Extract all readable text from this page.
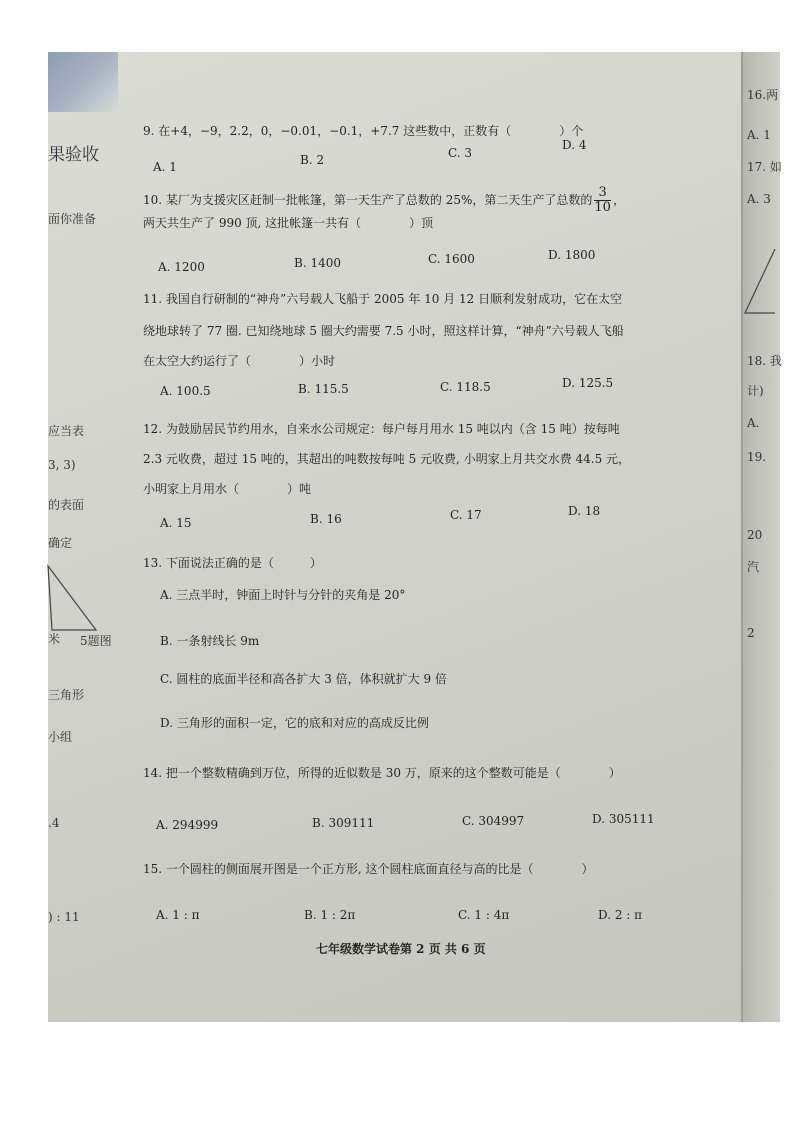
果验收
面你准备
应当表
3, 3)
的表面
确定
米 5题图
三角形
小组
.4
) : 11
16.两
A. 1
17. 如
A. 3
18. 我
计)
A.
19.
20
汽
2
9. 在+4，−9，2.2，0，−0.01，−0.1，+7.7 这些数中，正数有（　　　　）个
A. 1	B. 2	C. 3
D. 4
10. 某厂为支援灾区赶制一批帐篷，第一天生产了总数的 25%，第二天生产了总数的 $\frac{3}{10}$ ，
两天共生产了 990 顶, 这批帐篷一共有（　　　　）顶
A. 1200	B. 1400	C. 1600	D. 1800
11. 我国自行研制的“神舟”六号载人飞船于 2005 年 10 月 12 日顺利发射成功，它在太空
绕地球转了 77 圈. 已知绕地球 5 圈大约需要 7.5 小时，照这样计算，“神舟”六号载人飞船
在太空大约运行了（　　　　）小时
A. 100.5	B. 115.5	C. 118.5	D. 125.5
12. 为鼓励居民节约用水，自来水公司规定：每户每月用水 15 吨以内（含 15 吨）按每吨
2.3 元收费，超过 15 吨的，其超出的吨数按每吨 5 元收费, 小明家上月共交水费 44.5 元，
小明家上月用水（　　　　）吨
A. 15	B. 16	C. 17	D. 18
13. 下面说法正确的是（　　　）
A. 三点半时，钟面上时针与分针的夹角是 20°
B. 一条射线长 9m
C. 圆柱的底面半径和高各扩大 3 倍，体积就扩大 9 倍
D. 三角形的面积一定，它的底和对应的高成反比例
14. 把一个整数精确到万位，所得的近似数是 30 万，原来的这个整数可能是（　　　　）
A. 294999	B. 309111	C. 304997	D. 305111
15. 一个圆柱的侧面展开图是一个正方形, 这个圆柱底面直径与高的比是（　　　　）
A. 1 : π	B. 1 : 2π	C. 1 : 4π	D. 2 : π
七年级数学试卷第 2 页 共 6 页
